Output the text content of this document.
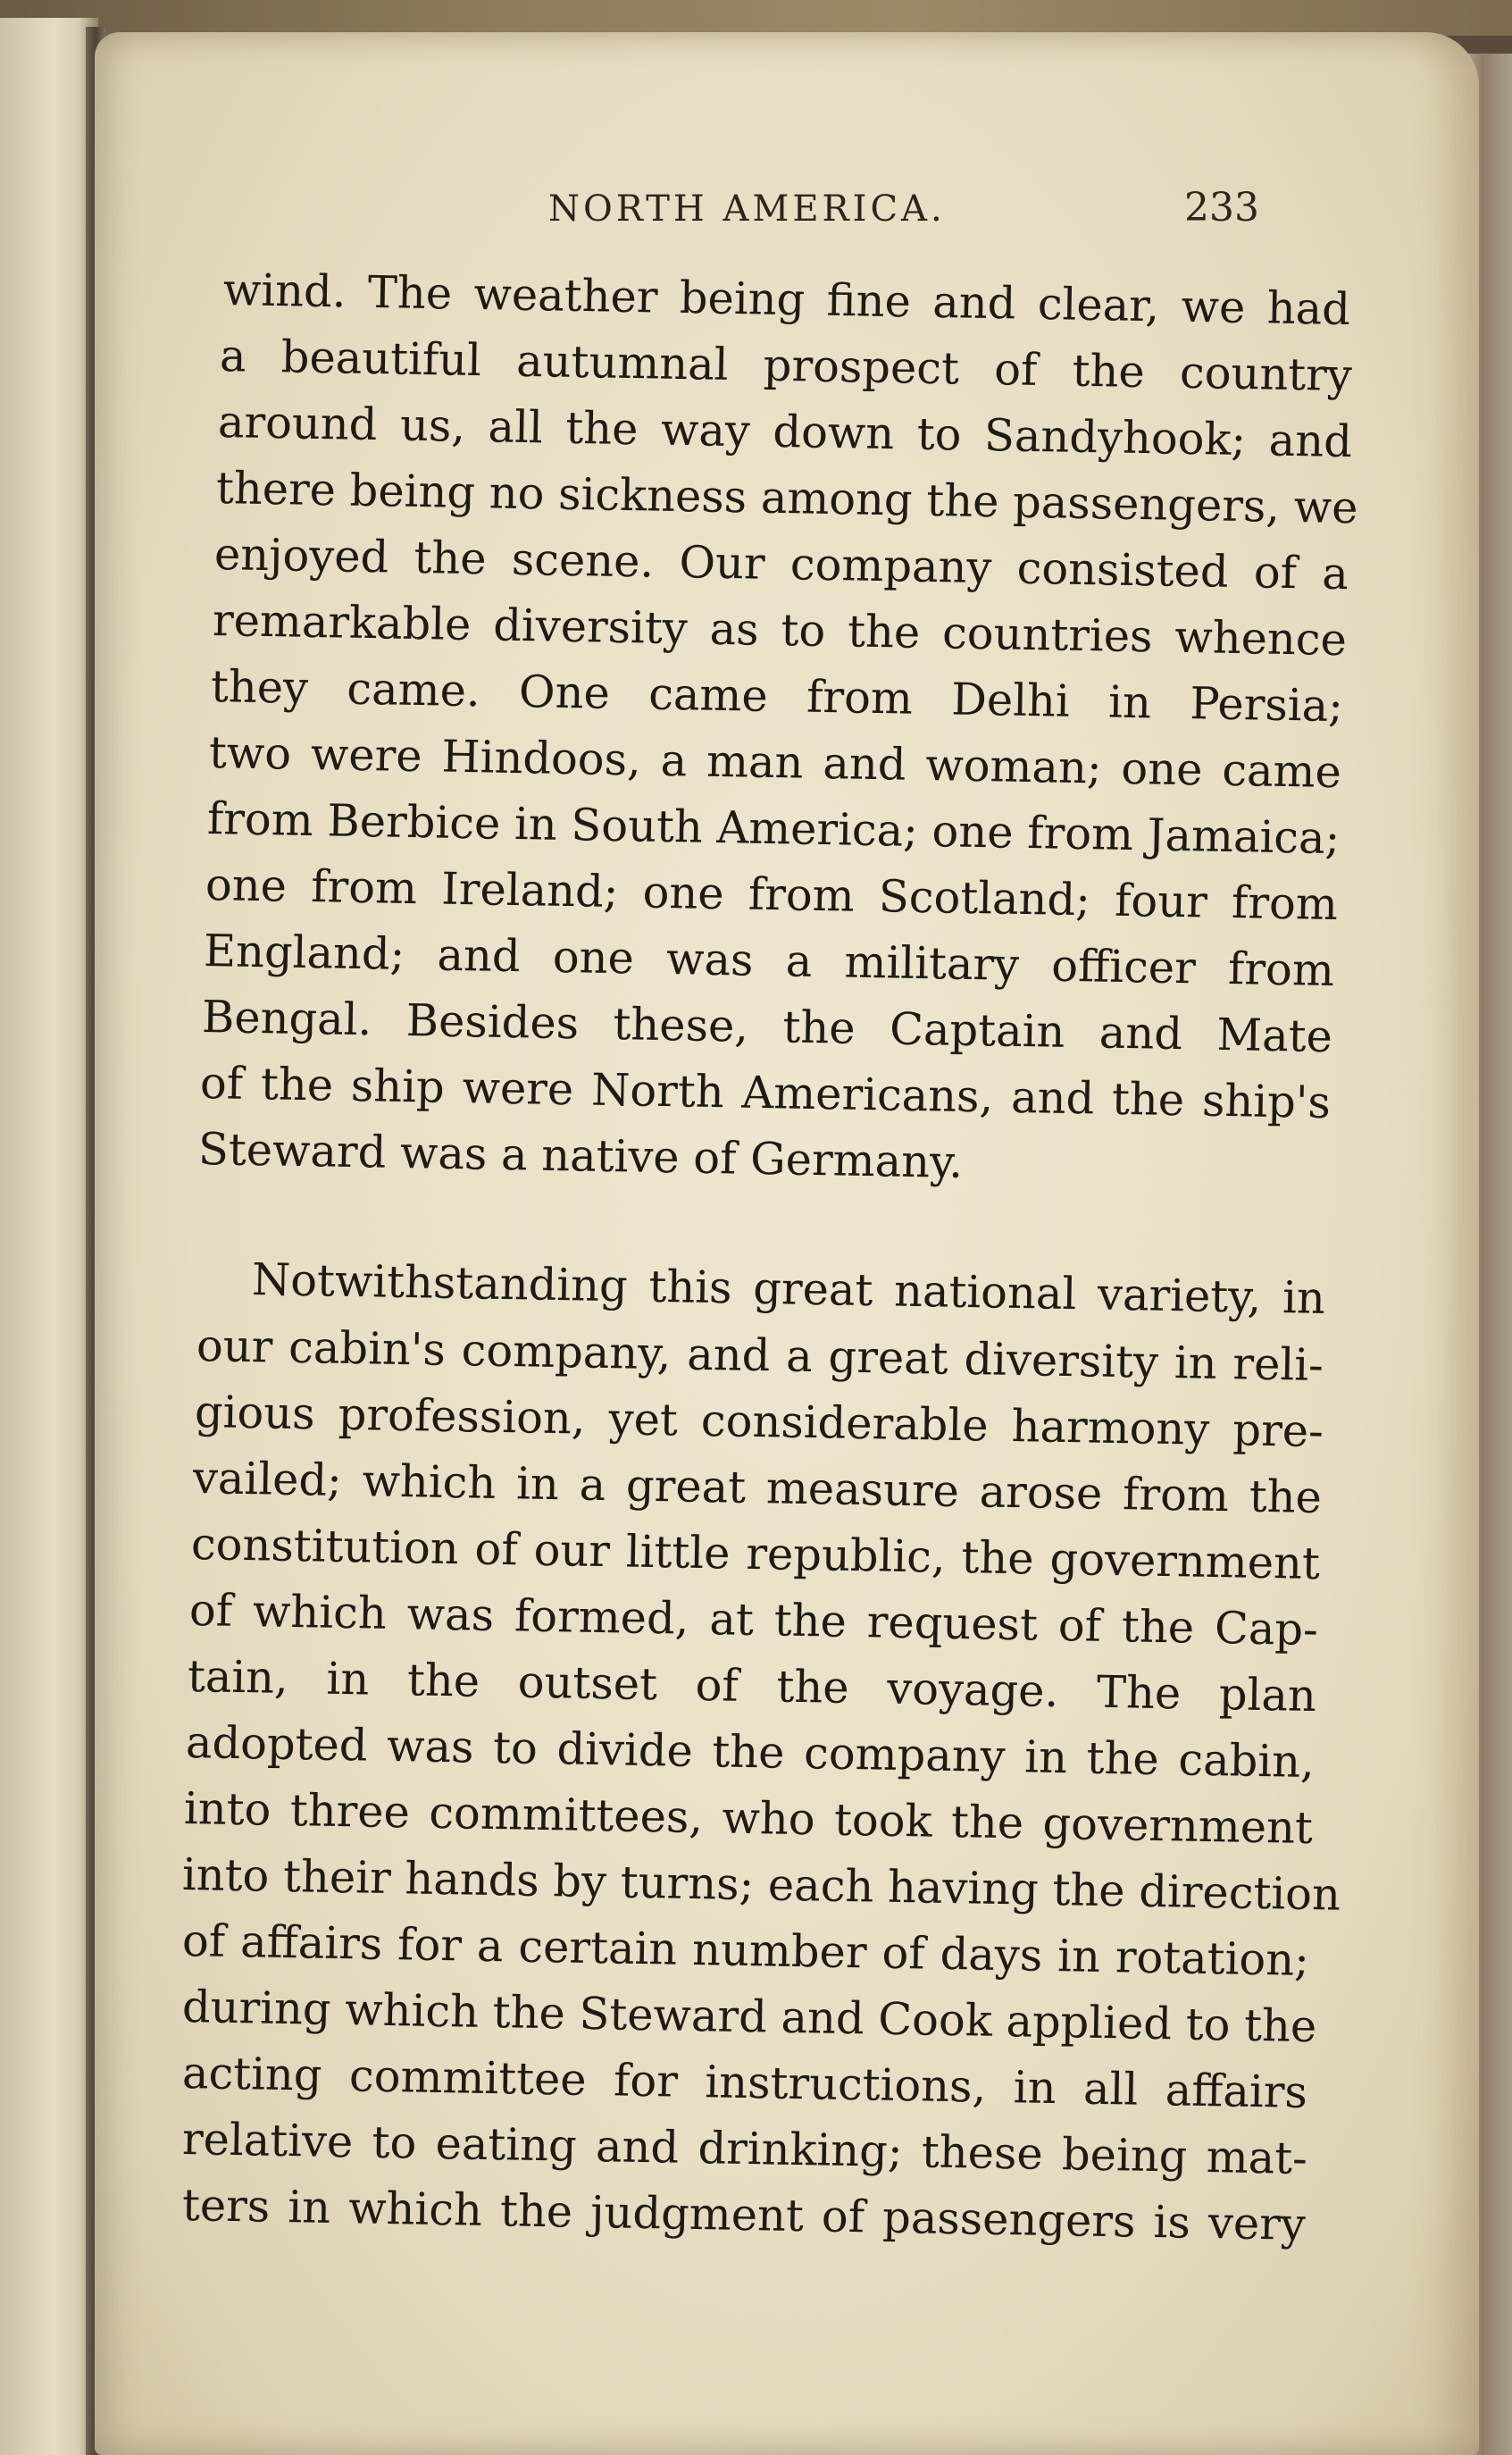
NORTH AMERICA.	233
wind. The weather being fine and clear, we had
a beautiful autumnal prospect of the country
around us, all the way down to Sandyhook; and
there being no sickness among the passengers, we
enjoyed the scene. Our company consisted of a
remarkable diversity as to the countries whence
they came. One came from Delhi in Persia;
two were Hindoos, a man and woman; one came
from Berbice in South America; one from Jamaica;
one from Ireland; one from Scotland; four from
England; and one was a military officer from
Bengal. Besides these, the Captain and Mate
of the ship were North Americans, and the ship's
Steward was a native of Germany.
Notwithstanding this great national variety, in
our cabin's company, and a great diversity in reli-
gious profession, yet considerable harmony pre-
vailed; which in a great measure arose from the
constitution of our little republic, the government
of which was formed, at the request of the Cap-
tain, in the outset of the voyage. The plan
adopted was to divide the company in the cabin,
into three committees, who took the government
into their hands by turns; each having the direction
of affairs for a certain number of days in rotation;
during which the Steward and Cook applied to the
acting committee for instructions, in all affairs
relative to eating and drinking; these being mat-
ters in which the judgment of passengers is very
